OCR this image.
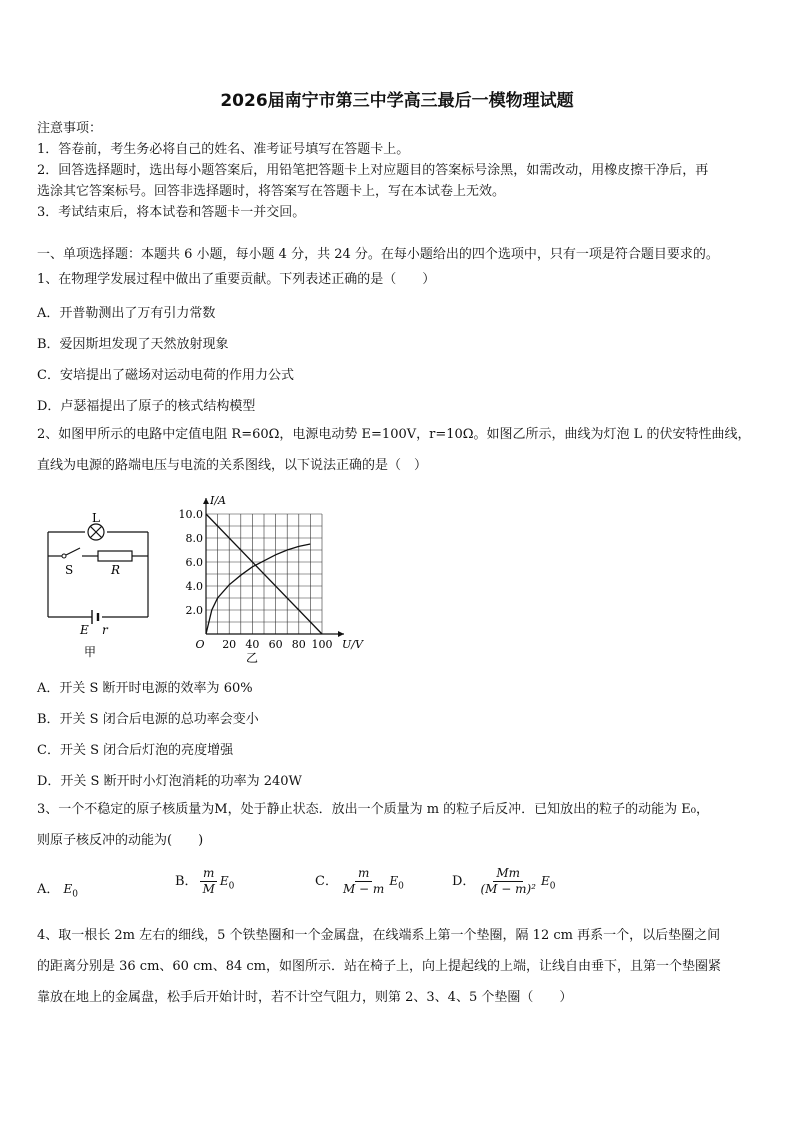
2026届南宁市第三中学高三最后一模物理试题
注意事项：
1．答卷前，考生务必将自己的姓名、准考证号填写在答题卡上。
2．回答选择题时，选出每小题答案后，用铅笔把答题卡上对应题目的答案标号涂黑，如需改动，用橡皮擦干净后，再
选涂其它答案标号。回答非选择题时，将答案写在答题卡上，写在本试卷上无效。
3．考试结束后，将本试卷和答题卡一并交回。
一、单项选择题：本题共 6 小题，每小题 4 分，共 24 分。在每小题给出的四个选项中，只有一项是符合题目要求的。
1、在物理学发展过程中做出了重要贡献。下列表述正确的是（　　）
A．开普勒测出了万有引力常数
B．爱因斯坦发现了天然放射现象
C．安培提出了磁场对运动电荷的作用力公式
D．卢瑟福提出了原子的核式结构模型
2、如图甲所示的电路中定值电阻 R=60Ω，电源电动势 E=100V，r=10Ω。如图乙所示，曲线为灯泡 L 的伏安特性曲线，
直线为电源的路端电压与电流的关系图线，以下说法正确的是（　）
L
S	R
E r
甲
20 40 60 80 100
2.0
4.0
6.0
8.0
10.0
O	U/V
I/A
乙
A．开关 S 断开时电源的效率为 60%
B．开关 S 闭合后电源的总功率会变小
C．开关 S 闭合后灯泡的亮度增强
D．开关 S 断开时小灯泡消耗的功率为 240W
3、一个不稳定的原子核质量为M，处于静止状态．放出一个质量为 m 的粒子后反冲．已知放出的粒子的动能为 E₀，
则原子核反冲的动能为(　　)
A． $E_0$
B． $\frac{m}{M} E_0$	C． $\frac{m}{M - m} E_0$	D． $\frac{Mm}{\text{(M − m)²}} E_0$
4、取一根长 2m 左右的细线，5 个铁垫圈和一个金属盘，在线端系上第一个垫圈，隔 12 cm 再系一个，以后垫圈之间
的距离分别是 36 cm、60 cm、84 cm，如图所示．站在椅子上，向上提起线的上端，让线自由垂下，且第一个垫圈紧
靠放在地上的金属盘，松手后开始计时，若不计空气阻力，则第 2、3、4、5 个垫圈（　　）
